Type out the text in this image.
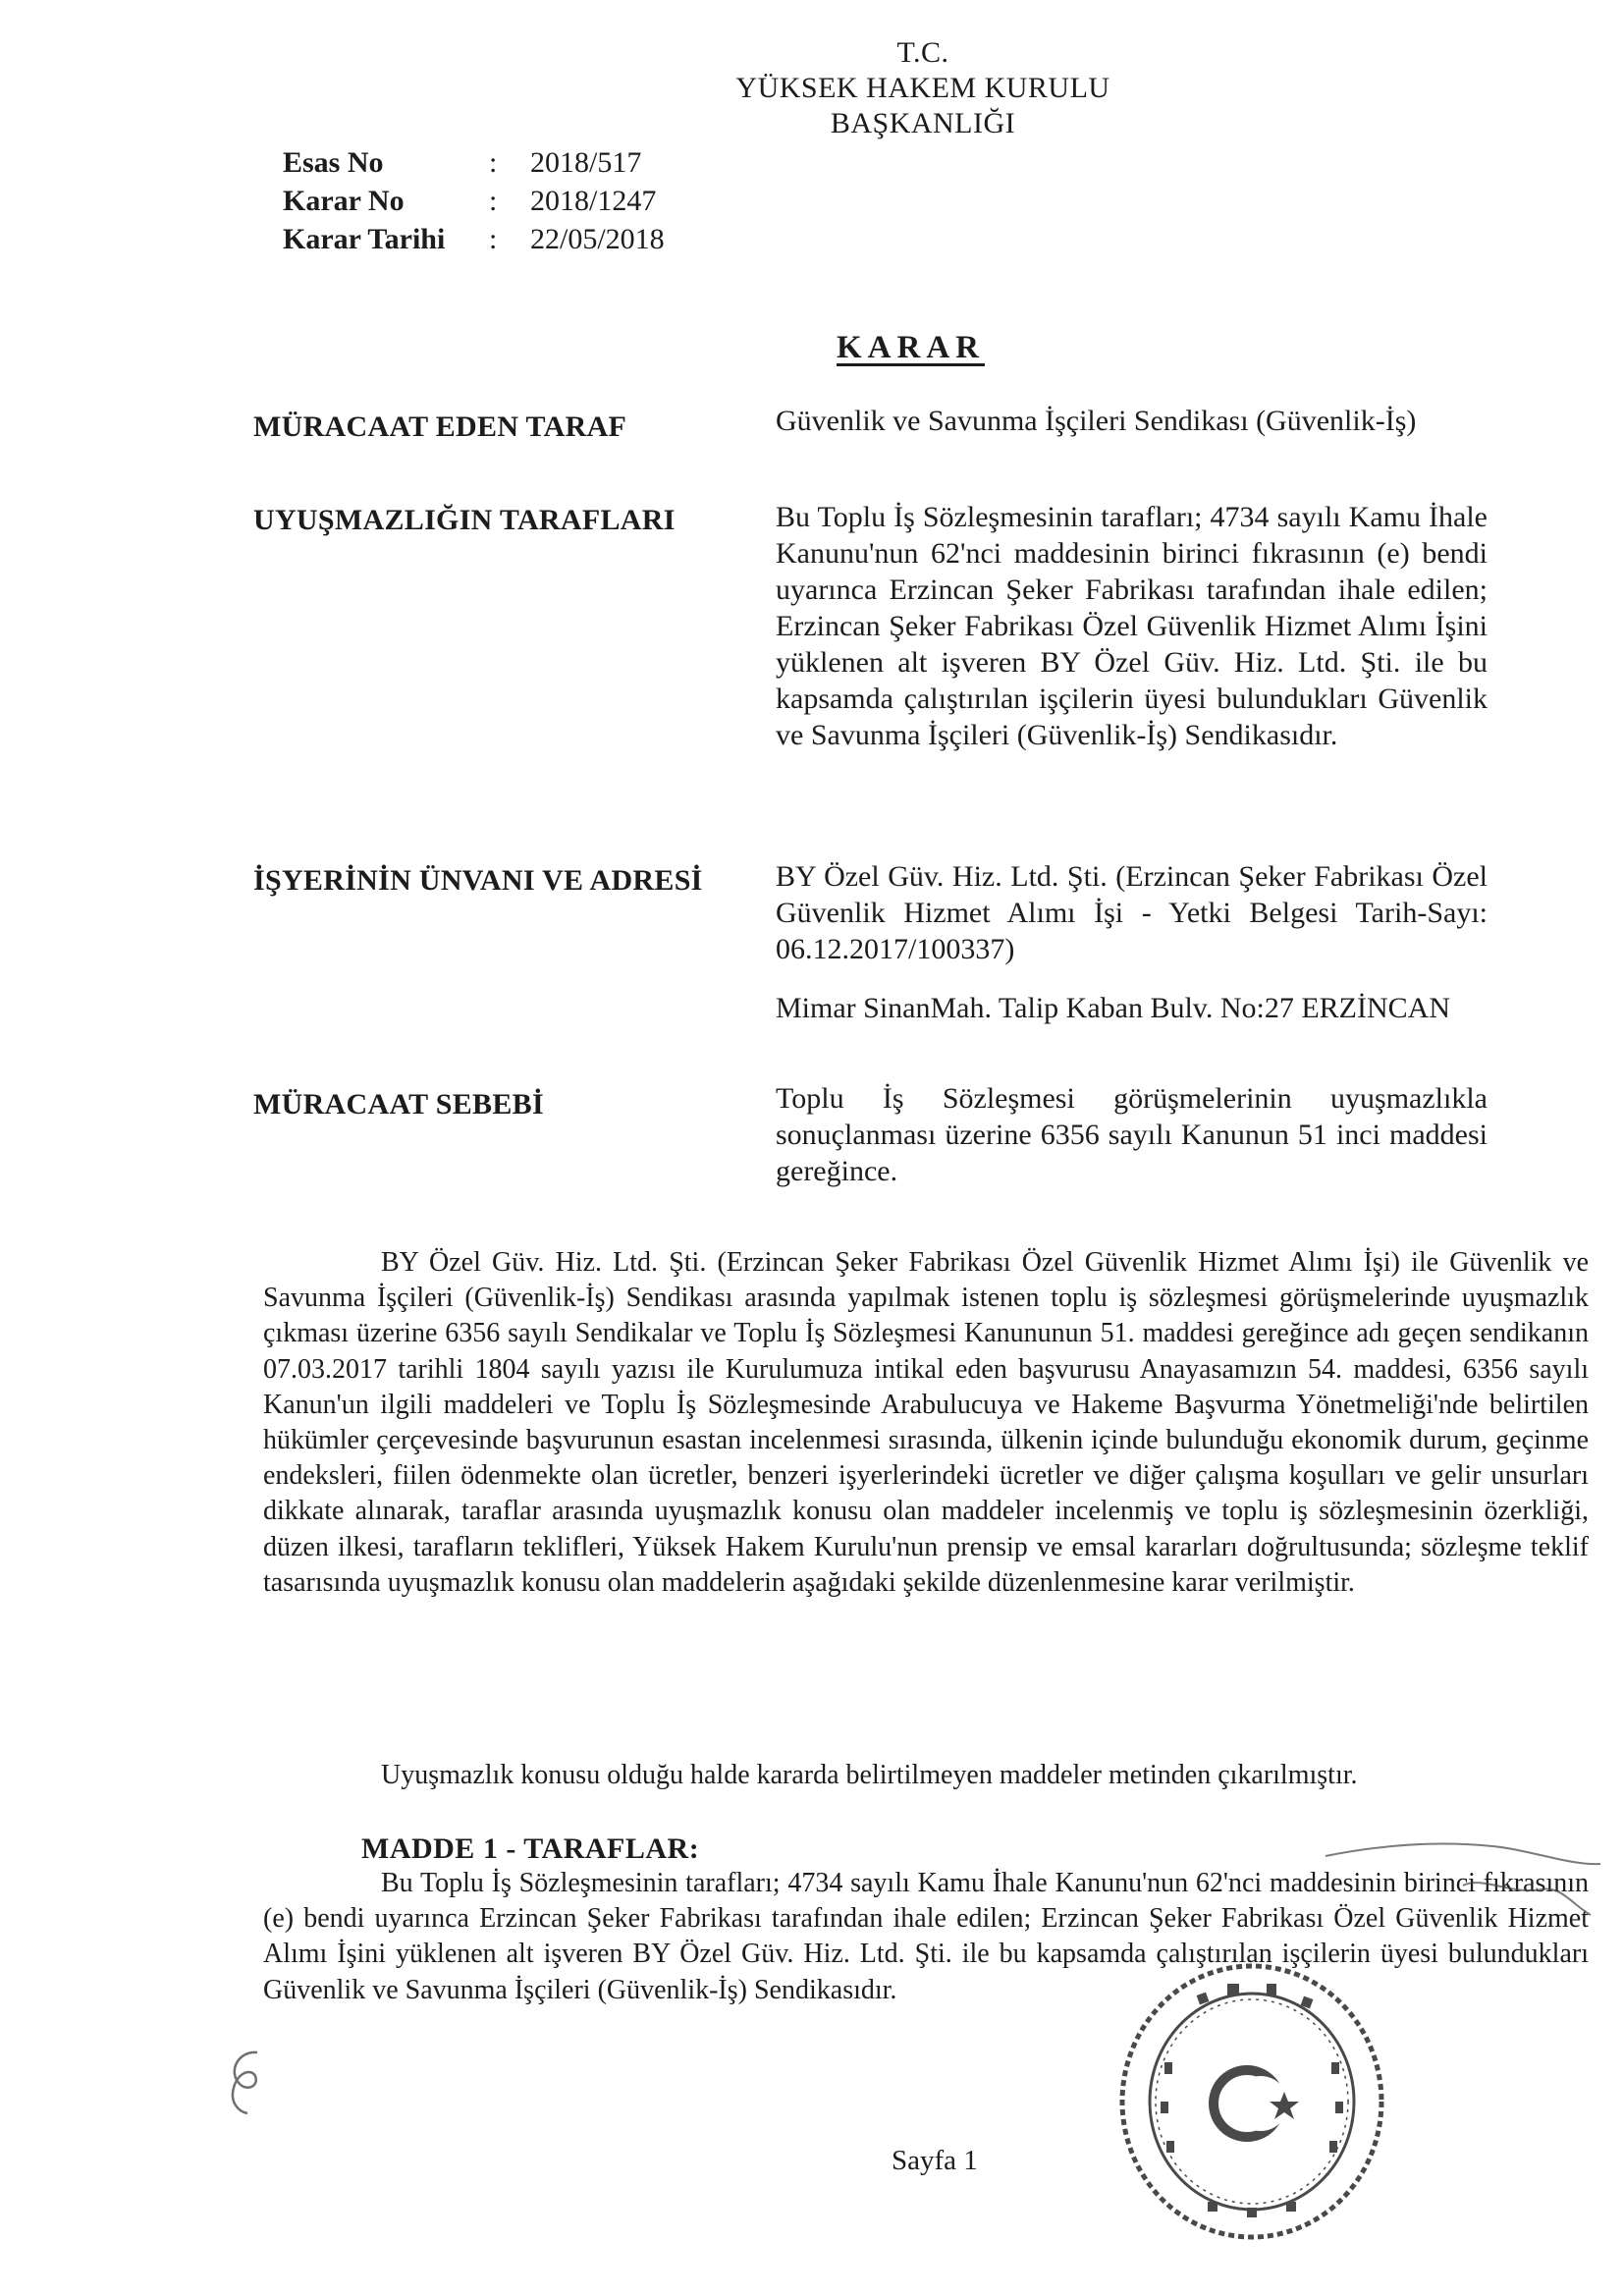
T.C.
YÜKSEK HAKEM KURULU
BAŞKANLIĞI
Esas No	: 2018/517
Karar No	: 2018/1247
Karar Tarihi : 22/05/2018
KARAR
MÜRACAAT EDEN TARAF	Güvenlik ve Savunma İşçileri Sendikası (Güvenlik-İş)
UYUŞMAZLIĞIN TARAFLARI	Bu Toplu İş Sözleşmesinin tarafları; 4734 sayılı Kamu İhale Kanunu'nun 62'nci maddesinin birinci fıkrasının (e) bendi uyarınca Erzincan Şeker Fabrikası tarafından ihale edilen; Erzincan Şeker Fabrikası Özel Güvenlik Hizmet Alımı İşini yüklenen alt işveren BY Özel Güv. Hiz. Ltd. Şti. ile bu kapsamda çalıştırılan işçilerin üyesi bulundukları Güvenlik ve Savunma İşçileri (Güvenlik-İş) Sendikasıdır.
İŞYERİNİN ÜNVANI VE ADRESİ BY Özel Güv. Hiz. Ltd. Şti. (Erzincan Şeker Fabrikası Özel Güvenlik Hizmet Alımı İşi - Yetki Belgesi Tarih-Sayı: 06.12.2017/100337)
Mimar SinanMah. Talip Kaban Bulv. No:27 ERZİNCAN
MÜRACAAT SEBEBİ	Toplu İş Sözleşmesi görüşmelerinin uyuşmazlıkla sonuçlanması üzerine 6356 sayılı Kanunun 51 inci maddesi gereğince.
BY Özel Güv. Hiz. Ltd. Şti. (Erzincan Şeker Fabrikası Özel Güvenlik Hizmet Alımı İşi) ile Güvenlik ve Savunma İşçileri (Güvenlik-İş) Sendikası arasında yapılmak istenen toplu iş sözleşmesi görüşmelerinde uyuşmazlık çıkması üzerine 6356 sayılı Sendikalar ve Toplu İş Sözleşmesi Kanununun 51. maddesi gereğince adı geçen sendikanın 07.03.2017 tarihli 1804 sayılı yazısı ile Kurulumuza intikal eden başvurusu Anayasamızın 54. maddesi, 6356 sayılı Kanun'un ilgili maddeleri ve Toplu İş Sözleşmesinde Arabulucuya ve Hakeme Başvurma Yönetmeliği'nde belirtilen hükümler çerçevesinde başvurunun esastan incelenmesi sırasında, ülkenin içinde bulunduğu ekonomik durum, geçinme endeksleri, fiilen ödenmekte olan ücretler, benzeri işyerlerindeki ücretler ve diğer çalışma koşulları ve gelir unsurları dikkate alınarak, taraflar arasında uyuşmazlık konusu olan maddeler incelenmiş ve toplu iş sözleşmesinin özerkliği, düzen ilkesi, tarafların teklifleri, Yüksek Hakem Kurulu'nun prensip ve emsal kararları doğrultusunda; sözleşme teklif tasarısında uyuşmazlık konusu olan maddelerin aşağıdaki şekilde düzenlenmesine karar verilmiştir.
Uyuşmazlık konusu olduğu halde kararda belirtilmeyen maddeler metinden çıkarılmıştır.
MADDE 1 - TARAFLAR:
Bu Toplu İş Sözleşmesinin tarafları; 4734 sayılı Kamu İhale Kanunu'nun 62'nci maddesinin birinci fıkrasının (e) bendi uyarınca Erzincan Şeker Fabrikası tarafından ihale edilen; Erzincan Şeker Fabrikası Özel Güvenlik Hizmet Alımı İşini yüklenen alt işveren BY Özel Güv. Hiz. Ltd. Şti. ile bu kapsamda çalıştırılan işçilerin üyesi bulundukları Güvenlik ve Savunma İşçileri (Güvenlik-İş) Sendikasıdır.
Sayfa 1
